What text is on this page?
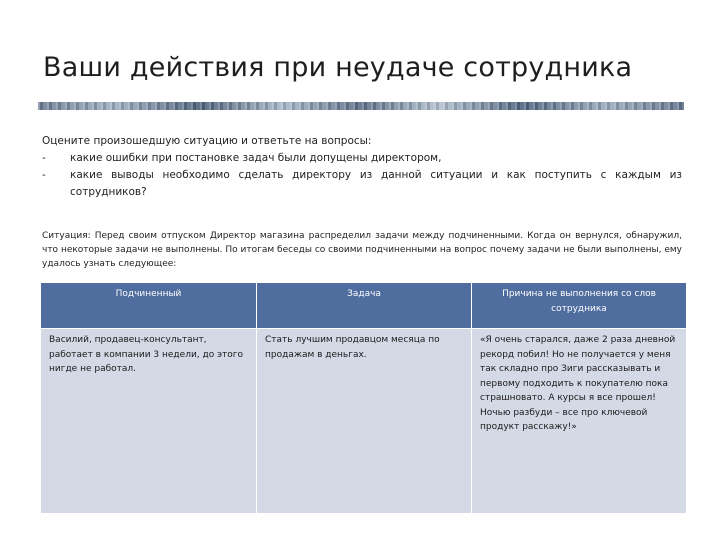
Ваши действия при неудаче сотрудника
Оцените произошедшую ситуацию и ответьте на вопросы:
-	какие ошибки при постановке задач были допущены директором,
-	какие выводы необходимо сделать директору из данной ситуации и как поступить с каждым из сотрудников?
Ситуация: Перед своим отпуском Директор магазина распределил задачи между подчиненными. Когда он вернулся, обнаружил, что некоторые задачи не выполнены. По итогам беседы со своими подчиненными на вопрос почему задачи не были выполнены, ему удалось узнать следующее:
Подчиненный	Задача	Причина не выполнения со слов сотрудника
Василий, продавец-консультант, работает в компании 3 недели, до этого нигде не работал.	Стать лучшим продавцом месяца по продажам в деньгах.	«Я очень старался, даже 2 раза дневной рекорд побил! Но не получается у меня так складно про Зиги рассказывать и первому подходить к покупателю пока страшновато. А курсы я все прошел! Ночью разбуди – все про ключевой продукт расскажу!»
